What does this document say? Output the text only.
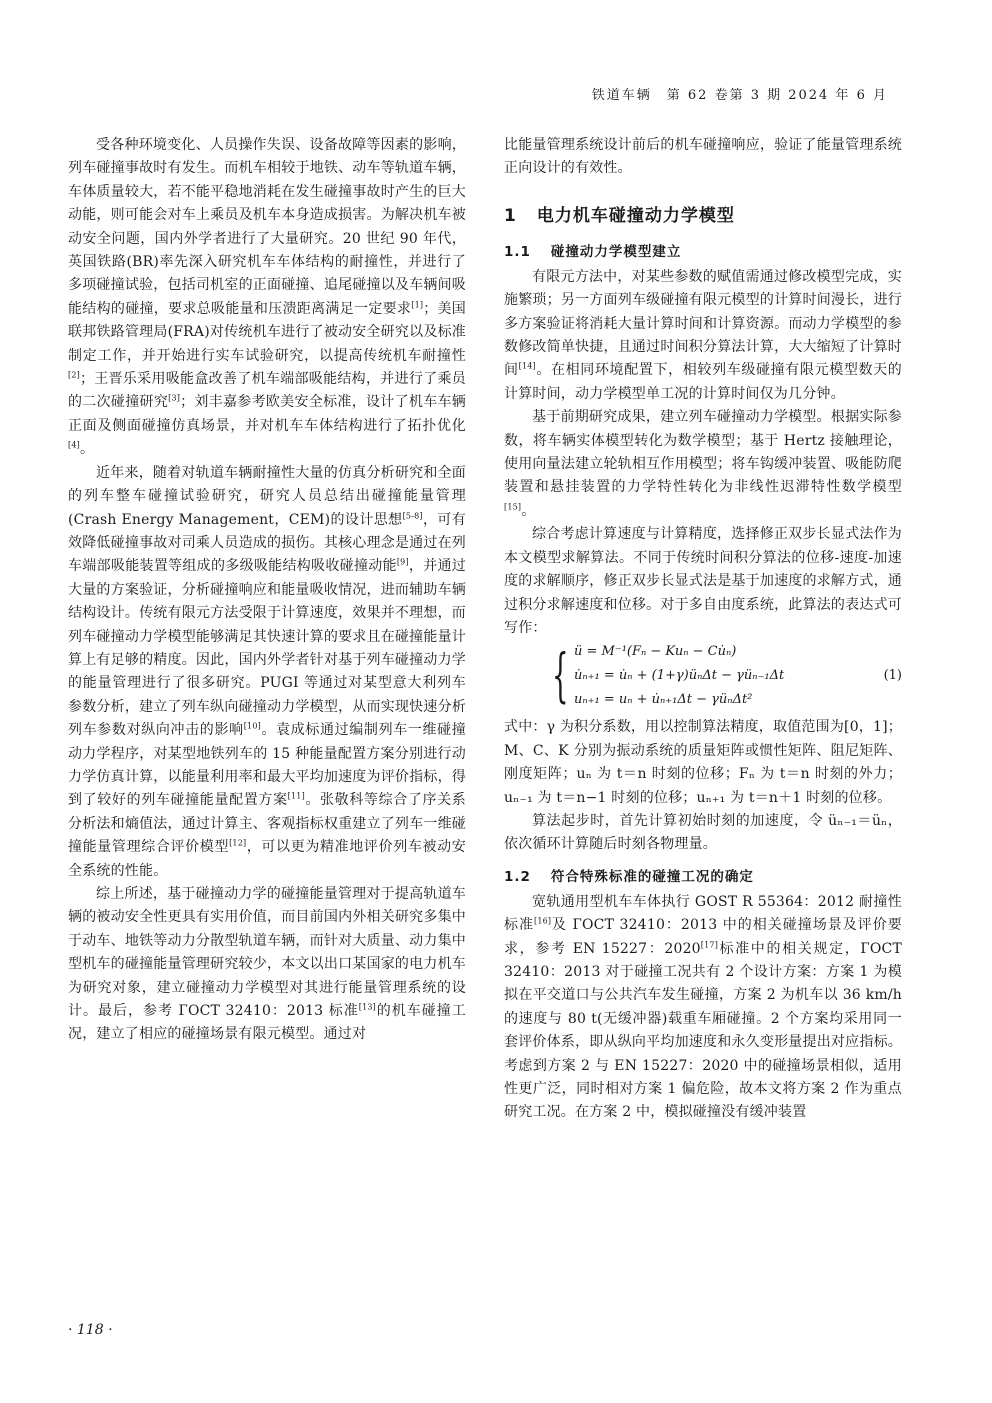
铁道车辆　第 62 卷第 3 期 2024 年 6 月

受各种环境变化、人员操作失误、设备故障等因素的影响，列车碰撞事故时有发生。而机车相较于地铁、动车等轨道车辆，车体质量较大，若不能平稳地消耗在发生碰撞事故时产生的巨大动能，则可能会对车上乘员及机车本身造成损害。为解决机车被动安全问题，国内外学者进行了大量研究。20 世纪 90 年代，英国铁路(BR)率先深入研究机车车体结构的耐撞性，并进行了多项碰撞试验，包括司机室的正面碰撞、追尾碰撞以及车辆间吸能结构的碰撞，要求总吸能量和压溃距离满足一定要求[1]；美国联邦铁路管理局(FRA)对传统机车进行了被动安全研究以及标准制定工作，并开始进行实车试验研究，以提高传统机车耐撞性[2]；王晋乐采用吸能盒改善了机车端部吸能结构，并进行了乘员的二次碰撞研究[3]；刘丰嘉参考欧美安全标准，设计了机车车辆正面及侧面碰撞仿真场景，并对机车车体结构进行了拓扑优化[4]。

近年来，随着对轨道车辆耐撞性大量的仿真分析研究和全面的列车整车碰撞试验研究，研究人员总结出碰撞能量管理(Crash Energy Management，CEM)的设计思想[5-8]，可有效降低碰撞事故对司乘人员造成的损伤。其核心理念是通过在列车端部吸能装置等组成的多级吸能结构吸收碰撞动能[9]，并通过大量的方案验证，分析碰撞响应和能量吸收情况，进而辅助车辆结构设计。传统有限元方法受限于计算速度，效果并不理想，而列车碰撞动力学模型能够满足其快速计算的要求且在碰撞能量计算上有足够的精度。因此，国内外学者针对基于列车碰撞动力学的能量管理进行了很多研究。PUGI 等通过对某型意大利列车参数分析，建立了列车纵向碰撞动力学模型，从而实现快速分析列车参数对纵向冲击的影响[10]。袁成标通过编制列车一维碰撞动力学程序，对某型地铁列车的 15 种能量配置方案分别进行动力学仿真计算，以能量利用率和最大平均加速度为评价指标，得到了较好的列车碰撞能量配置方案[11]。张敬科等综合了序关系分析法和熵值法，通过计算主、客观指标权重建立了列车一维碰撞能量管理综合评价模型[12]，可以更为精准地评价列车被动安全系统的性能。

综上所述，基于碰撞动力学的碰撞能量管理对于提高轨道车辆的被动安全性更具有实用价值，而目前国内外相关研究多集中于动车、地铁等动力分散型轨道车辆，而针对大质量、动力集中型机车的碰撞能量管理研究较少，本文以出口某国家的电力机车为研究对象，建立碰撞动力学模型对其进行能量管理系统的设计。最后，参考 ГОСТ 32410：2013 标准[13]的机车碰撞工况，建立了相应的碰撞场景有限元模型。通过对

比能量管理系统设计前后的机车碰撞响应，验证了能量管理系统正向设计的有效性。

1 电力机车碰撞动力学模型
1.1 碰撞动力学模型建立

有限元方法中，对某些参数的赋值需通过修改模型完成，实施繁琐；另一方面列车级碰撞有限元模型的计算时间漫长，进行多方案验证将消耗大量计算时间和计算资源。而动力学模型的参数修改简单快捷，且通过时间积分算法计算，大大缩短了计算时间[14]。在相同环境配置下，相较列车级碰撞有限元模型数天的计算时间，动力学模型单工况的计算时间仅为几分钟。

基于前期研究成果，建立列车碰撞动力学模型。根据实际参数，将车辆实体模型转化为数学模型；基于 Hertz 接触理论，使用向量法建立轮轨相互作用模型；将车钩缓冲装置、吸能防爬装置和悬挂装置的力学特性转化为非线性迟滞特性数学模型[15]。

综合考虑计算速度与计算精度，选择修正双步长显式法作为本文模型求解算法。不同于传统时间积分算法的位移-速度-加速度的求解顺序，修正双步长显式法是基于加速度的求解方式，通过积分求解速度和位移。对于多自由度系统，此算法的表达式可写作：

{ ü = M⁻¹(Fₙ − Kuₙ − Cu̇ₙ)
u̇ₙ₊₁ = u̇ₙ + (1+γ)üₙΔt − γüₙ₋₁Δt
uₙ₊₁ = uₙ + u̇ₙ₊₁Δt − γüₙΔt²
(1)

式中：γ 为积分系数，用以控制算法精度，取值范围为[0，1]；M、C、K 分别为振动系统的质量矩阵或惯性矩阵、阻尼矩阵、刚度矩阵；uₙ 为 t＝n 时刻的位移；Fₙ 为 t＝n 时刻的外力；uₙ₋₁ 为 t＝n−1 时刻的位移；uₙ₊₁ 为 t＝n＋1 时刻的位移。

算法起步时，首先计算初始时刻的加速度，令 üₙ₋₁＝üₙ，依次循环计算随后时刻各物理量。

1.2 符合特殊标准的碰撞工况的确定

宽轨通用型机车车体执行 GOST R 55364：2012 耐撞性标准[16]及 ГОСТ 32410：2013 中的相关碰撞场景及评价要求，参考 EN 15227：2020[17]标准中的相关规定，ГОСТ 32410：2013 对于碰撞工况共有 2 个设计方案：方案 1 为模拟在平交道口与公共汽车发生碰撞，方案 2 为机车以 36 km/h 的速度与 80 t(无缓冲器)载重车厢碰撞。2 个方案均采用同一套评价体系，即从纵向平均加速度和永久变形量提出对应指标。考虑到方案 2 与 EN 15227：2020 中的碰撞场景相似，适用性更广泛，同时相对方案 1 偏危险，故本文将方案 2 作为重点研究工况。在方案 2 中，模拟碰撞没有缓冲装置

· 118 ·
